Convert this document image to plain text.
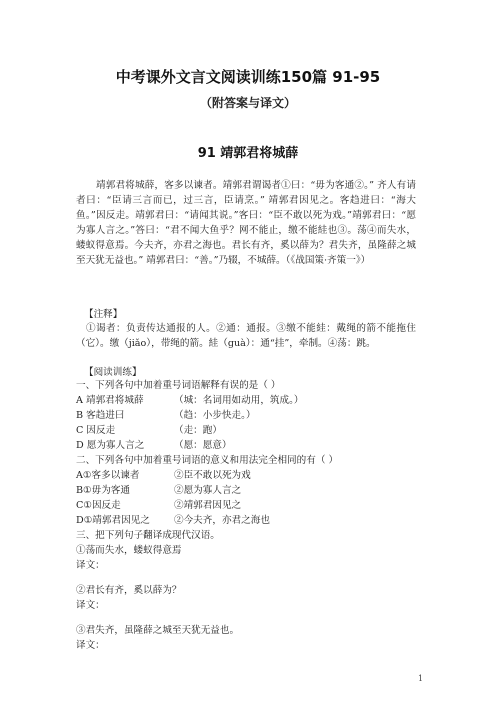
中考课外文言文阅读训练150篇 91-95
（附答案与译文）
91 靖郭君将城薛

靖郭君将城薛，客多以谏者。靖郭君谓谒者①曰：“毋为客通②。” 齐人有请者曰：“臣请三言而已，过三言，臣请烹。” 靖郭君因见之。客趋进曰：“海大鱼。”因反走。靖郭君曰：“请闻其说。”客曰：“臣不敢以死为戏。”靖郭君曰：“愿为寡人言之。”答曰：“君不闻大鱼乎？网不能止，缴不能絓也③。荡④而失水，蝼蚁得意焉。今夫齐，亦君之海也。君长有齐，奚以薛为？君失齐，虽隆薛之城至天犹无益也。” 靖郭君曰：“善。”乃辍，不城薛。（《战国策·齐策一》）

【注释】

①谒者：负责传达通报的人。②通：通报。③缴不能絓：戴绳的箭不能拖住（它）。缴（jiǎo），带绳的箭。絓（guà）：通“挂”，牵制。④荡：跳。

【阅读训练】
一、下列各句中加着重号词语解释有误的是（ ）
A 靖郭君将城薛	（城：名词用如动用，筑成。）
B 客趋进曰	（趋：小步快走。）
C 因反走	（走：跑）
D 愿为寡人言之	（愿：愿意）
二、下列各句中加着重号词语的意义和用法完全相同的有（ ）
A①客多以谏者	②臣不敢以死为戏
B①毋为客通	②愿为寡人言之
C①因反走	②靖郭君因见之
D①靖郭君因见之	②今夫齐，亦君之海也
三、把下列句子翻译成现代汉语。
①荡而失水，蝼蚁得意焉
译文：
②君长有齐，奚以薛为？
译文：
③君失齐，虽隆薛之城至天犹无益也。
译文：
1
